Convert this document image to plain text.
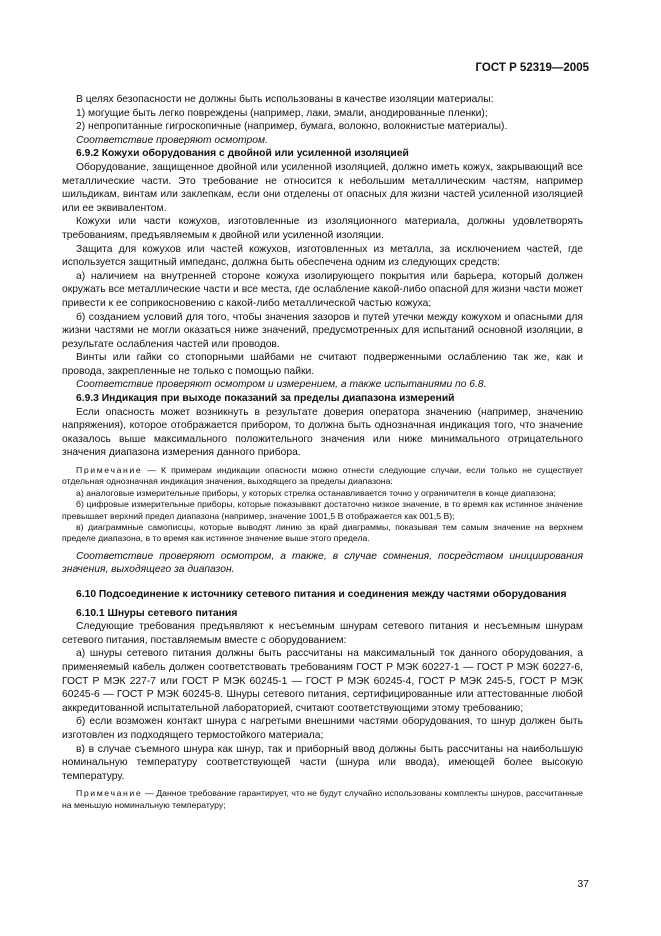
ГОСТ Р 52319—2005

В целях безопасности не должны быть использованы в качестве изоляции материалы:

1) могущие быть легко повреждены (например, лаки, эмали, анодированные пленки);

2) непропитанные гигроскопичные (например, бумага, волокно, волокнистые материалы).

Соответствие проверяют осмотром.

6.9.2 Кожухи оборудования с двойной или усиленной изоляцией

Оборудование, защищенное двойной или усиленной изоляцией, должно иметь кожух, закрывающий все металлические части. Это требование не относится к небольшим металлическим частям, например шильдикам, винтам или заклепкам, если они отделены от опасных для жизни частей усиленной изоляцией или ее эквивалентом.

Кожухи или части кожухов, изготовленные из изоляционного материала, должны удовлетворять требованиям, предъявляемым к двойной или усиленной изоляции.

Защита для кожухов или частей кожухов, изготовленных из металла, за исключением частей, где используется защитный импеданс, должна быть обеспечена одним из следующих средств:

а) наличием на внутренней стороне кожуха изолирующего покрытия или барьера, который должен окружать все металлические части и все места, где ослабление какой-либо опасной для жизни части может привести к ее соприкосновению с какой-либо металлической частью кожуха;

б) созданием условий для того, чтобы значения зазоров и путей утечки между кожухом и опасными для жизни частями не могли оказаться ниже значений, предусмотренных для испытаний основной изоляции, в результате ослабления частей или проводов.

Винты или гайки со стопорными шайбами не считают подверженными ослаблению так же, как и провода, закрепленные не только с помощью пайки.

Соответствие проверяют осмотром и измерением, а также испытаниями по 6.8.

6.9.3 Индикация при выходе показаний за пределы диапазона измерений

Если опасность может возникнуть в результате доверия оператора значению (например, значению напряжения), которое отображается прибором, то должна быть однозначная индикация того, что значение оказалось выше максимального положительного значения или ниже минимального отрицательного значения диапазона измерения данного прибора.

Примечание — К примерам индикации опасности можно отнести следующие случаи, если только не существует отдельная однозначная индикация значения, выходящего за пределы диапазона:

а) аналоговые измерительные приборы, у которых стрелка останавливается точно у ограничителя в конце диапазона;

б) цифровые измерительные приборы, которые показывают достаточно низкое значение, в то время как истинное значение превышает верхний предел диапазона (например, значение 1001,5 В отображается как 001,5 В);

в) диаграммные самописцы, которые выводят линию за край диаграммы, показывая тем самым значение на верхнем пределе диапазона, в то время как истинное значение выше этого предела.

Соответствие проверяют осмотром, а также, в случае сомнения, посредством инициирования значения, выходящего за диапазон.

6.10 Подсоединение к источнику сетевого питания и соединения между частями оборудования

6.10.1 Шнуры сетевого питания

Следующие требования предъявляют к несъемным шнурам сетевого питания и несъемным шнурам сетевого питания, поставляемым вместе с оборудованием:

а) шнуры сетевого питания должны быть рассчитаны на максимальный ток данного оборудования, а применяемый кабель должен соответствовать требованиям ГОСТ Р МЭК 60227-1 — ГОСТ Р МЭК 60227-6, ГОСТ Р МЭК 227-7 или ГОСТ Р МЭК 60245-1 — ГОСТ Р МЭК 60245-4, ГОСТ Р МЭК 245-5, ГОСТ Р МЭК 60245-6 — ГОСТ Р МЭК 60245-8. Шнуры сетевого питания, сертифицированные или аттестованные любой аккредитованной испытательной лабораторией, считают соответствующими этому требованию;

б) если возможен контакт шнура с нагретыми внешними частями оборудования, то шнур должен быть изготовлен из подходящего термостойкого материала;

в) в случае съемного шнура как шнур, так и приборный ввод должны быть рассчитаны на наибольшую номинальную температуру соответствующей части (шнура или ввода), имеющей более высокую температуру.

Примечание — Данное требование гарантирует, что не будут случайно использованы комплекты шнуров, рассчитанные на меньшую номинальную температуру;

37
